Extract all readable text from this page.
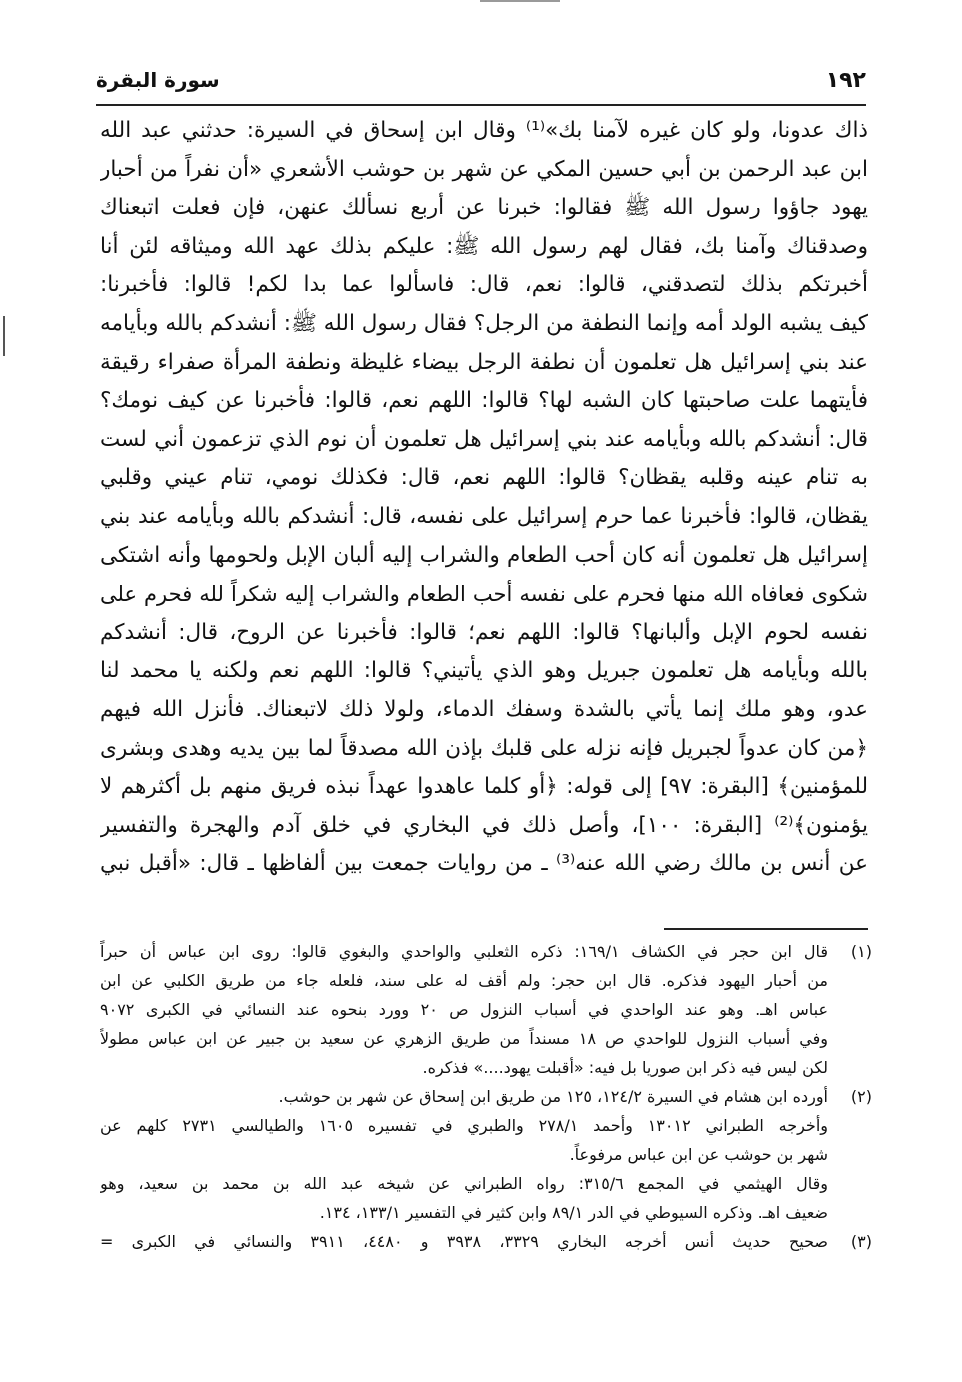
١٩٢
سورة البقرة
ذاك عدونا، ولو كان غيره لآمنا بك»⁽¹⁾ وقال ابن إسحاق في السيرة: حدثني عبد الله
ابن عبد الرحمن بن أبي حسين المكي عن شهر بن حوشب الأشعري «أن نفراً من أحبار
يهود جاؤوا رسول الله ﷺ فقالوا: خبرنا عن أربع نسألك عنهن، فإن فعلت اتبعناك
وصدقناك وآمنا بك، فقال لهم رسول الله ﷺ: عليكم بذلك عهد الله وميثاقه لئن أنا
أخبرتكم بذلك لتصدقني، قالوا: نعم، قال: فاسألوا عما بدا لكم! قالوا: فأخبرنا:
كيف يشبه الولد أمه وإنما النطفة من الرجل؟ فقال رسول الله ﷺ: أنشدكم بالله وبأيامه
عند بني إسرائيل هل تعلمون أن نطفة الرجل بيضاء غليظة ونطفة المرأة صفراء رقيقة
فأيتهما علت صاحبتها كان الشبه لها؟ قالوا: اللهم نعم، قالوا: فأخبرنا عن كيف نومك؟
قال: أنشدكم بالله وبأيامه عند بني إسرائيل هل تعلمون أن نوم الذي تزعمون أني لست
به تنام عينه وقلبه يقظان؟ قالوا: اللهم نعم، قال: فكذلك نومي، تنام عيني وقلبي
يقظان، قالوا: فأخبرنا عما حرم إسرائيل على نفسه، قال: أنشدكم بالله وبأيامه عند بني
إسرائيل هل تعلمون أنه كان أحب الطعام والشراب إليه ألبان الإبل ولحومها وأنه اشتكى
شكوى فعافاه الله منها فحرم على نفسه أحب الطعام والشراب إليه شكراً لله فحرم على
نفسه لحوم الإبل وألبانها؟ قالوا: اللهم نعم؛ قالوا: فأخبرنا عن الروح، قال: أنشدكم
بالله وبأيامه هل تعلمون جبريل وهو الذي يأتيني؟ قالوا: اللهم نعم ولكنه يا محمد لنا
عدو، وهو ملك إنما يأتي بالشدة وسفك الدماء، ولولا ذلك لاتبعناك. فأنزل الله فيهم
﴿من كان عدواً لجبريل فإنه نزله على قلبك بإذن الله مصدقاً لما بين يديه وهدى وبشرى
للمؤمنين﴾ [البقرة: ٩٧] إلى قوله: ﴿أو كلما عاهدوا عهداً نبذه فريق منهم بل أكثرهم لا
يؤمنون﴾⁽²⁾ [البقرة: ١٠٠]، وأصل ذلك في البخاري في خلق آدم والهجرة والتفسير
عن أنس بن مالك رضي الله عنه⁽³⁾ ـ من روايات جمعت بين ألفاظها ـ قال: «أقبل نبي
(١)
قال ابن حجر في الكشاف ١٦٩/١: ذكره الثعلبي والواحدي والبغوي قالوا: روى ابن عباس أن حبراً
من أحبار اليهود فذكره. قال ابن حجر: ولم أقف له على سند، فلعله جاء من طريق الكلبي عن ابن
عباس اهـ. وهو عند الواحدي في أسباب النزول ص ٢٠ وورد بنحوه عند النسائي في الكبرى ٩٠٧٢
وفي أسباب النزول للواحدي ص ١٨ مسنداً من طريق الزهري عن سعيد بن جبير عن ابن عباس مطولاً
لكن ليس فيه ذكر ابن صوريا بل فيه: «أقبلت يهود....» فذكره.
(٢)
أورده ابن هشام في السيرة ١٢٤/٢، ١٢٥ من طريق ابن إسحاق عن شهر بن حوشب.
وأخرجه الطبراني ١٣٠١٢ وأحمد ٢٧٨/١ والطبري في تفسيره ١٦٠٥ والطيالسي ٢٧٣١ كلهم عن
شهر بن حوشب عن ابن عباس مرفوعاً.
وقال الهيثمي في المجمع ٣١٥/٦: رواه الطبراني عن شيخه عبد الله بن محمد بن سعيد، وهو
ضعيف اهـ. وذكره السيوطي في الدر ٨٩/١ وابن كثير في التفسير ١٣٣/١، ١٣٤.
(٣)
صحيح حديث أنس أخرجه البخاري ٣٣٢٩، ٣٩٣٨ و ٤٤٨٠، ٣٩١١ والنسائي في الكبرى =
